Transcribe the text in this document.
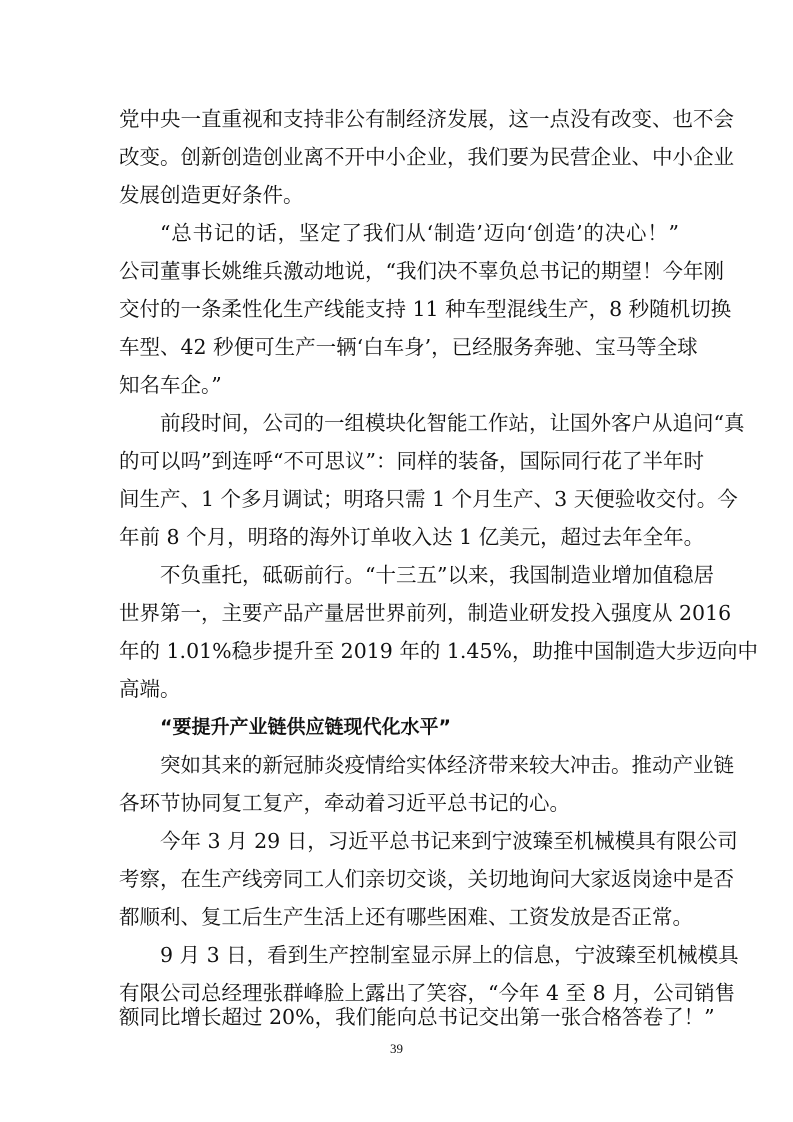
党中央一直重视和支持非公有制经济发展，这一点没有改变、也不会
改变。创新创造创业离不开中小企业，我们要为民营企业、中小企业
发展创造更好条件。
“总书记的话，坚定了我们从‘制造’迈向‘创造’的决心！”
公司董事长姚维兵激动地说，“我们决不辜负总书记的期望！今年刚
交付的一条柔性化生产线能支持 11 种车型混线生产，8 秒随机切换
车型、42 秒便可生产一辆‘白车身’，已经服务奔驰、宝马等全球
知名车企。”
前段时间，公司的一组模块化智能工作站，让国外客户从追问“真
的可以吗”到连呼“不可思议”：同样的装备，国际同行花了半年时
间生产、1 个多月调试；明珞只需 1 个月生产、3 天便验收交付。今
年前 8 个月，明珞的海外订单收入达 1 亿美元，超过去年全年。
不负重托，砥砺前行。“十三五”以来，我国制造业增加值稳居
世界第一，主要产品产量居世界前列，制造业研发投入强度从 2016
年的 1.01%稳步提升至 2019 年的 1.45%，助推中国制造大步迈向中
高端。
“要提升产业链供应链现代化水平”
突如其来的新冠肺炎疫情给实体经济带来较大冲击。推动产业链
各环节协同复工复产，牵动着习近平总书记的心。
今年 3 月 29 日，习近平总书记来到宁波臻至机械模具有限公司
考察，在生产线旁同工人们亲切交谈，关切地询问大家返岗途中是否
都顺利、复工后生产生活上还有哪些困难、工资发放是否正常。
9 月 3 日，看到生产控制室显示屏上的信息，宁波臻至机械模具
有限公司总经理张群峰脸上露出了笑容，“今年 4 至 8 月，公司销售
额同比增长超过 20%，我们能向总书记交出第一张合格答卷了！”
39
